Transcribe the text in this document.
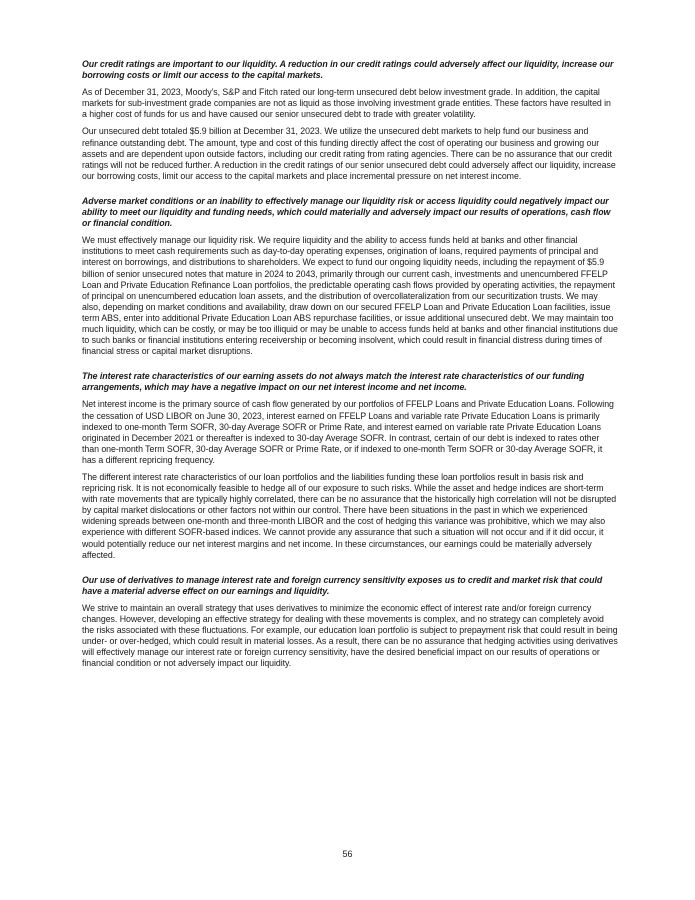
Our credit ratings are important to our liquidity. A reduction in our credit ratings could adversely affect our liquidity, increase our borrowing costs or limit our access to the capital markets.
As of December 31, 2023, Moody’s, S&P and Fitch rated our long-term unsecured debt below investment grade. In addition, the capital markets for sub-investment grade companies are not as liquid as those involving investment grade entities. These factors have resulted in a higher cost of funds for us and have caused our senior unsecured debt to trade with greater volatility.
Our unsecured debt totaled $5.9 billion at December 31, 2023. We utilize the unsecured debt markets to help fund our business and refinance outstanding debt. The amount, type and cost of this funding directly affect the cost of operating our business and growing our assets and are dependent upon outside factors, including our credit rating from rating agencies. There can be no assurance that our credit ratings will not be reduced further. A reduction in the credit ratings of our senior unsecured debt could adversely affect our liquidity, increase our borrowing costs, limit our access to the capital markets and place incremental pressure on net interest income.
Adverse market conditions or an inability to effectively manage our liquidity risk or access liquidity could negatively impact our ability to meet our liquidity and funding needs, which could materially and adversely impact our results of operations, cash flow or financial condition.
We must effectively manage our liquidity risk. We require liquidity and the ability to access funds held at banks and other financial institutions to meet cash requirements such as day-to-day operating expenses, origination of loans, required payments of principal and interest on borrowings, and distributions to shareholders. We expect to fund our ongoing liquidity needs, including the repayment of $5.9 billion of senior unsecured notes that mature in 2024 to 2043, primarily through our current cash, investments and unencumbered FFELP Loan and Private Education Refinance Loan portfolios, the predictable operating cash flows provided by operating activities, the repayment of principal on unencumbered education loan assets, and the distribution of overcollateralization from our securitization trusts. We may also, depending on market conditions and availability, draw down on our secured FFELP Loan and Private Education Loan facilities, issue term ABS, enter into additional Private Education Loan ABS repurchase facilities, or issue additional unsecured debt. We may maintain too much liquidity, which can be costly, or may be too illiquid or may be unable to access funds held at banks and other financial institutions due to such banks or financial institutions entering receivership or becoming insolvent, which could result in financial distress during times of financial stress or capital market disruptions.
The interest rate characteristics of our earning assets do not always match the interest rate characteristics of our funding arrangements, which may have a negative impact on our net interest income and net income.
Net interest income is the primary source of cash flow generated by our portfolios of FFELP Loans and Private Education Loans. Following the cessation of USD LIBOR on June 30, 2023, interest earned on FFELP Loans and variable rate Private Education Loans is primarily indexed to one-month Term SOFR, 30-day Average SOFR or Prime Rate, and interest earned on variable rate Private Education Loans originated in December 2021 or thereafter is indexed to 30-day Average SOFR. In contrast, certain of our debt is indexed to rates other than one-month Term SOFR, 30-day Average SOFR or Prime Rate, or if indexed to one-month Term SOFR or 30-day Average SOFR, it has a different repricing frequency.
The different interest rate characteristics of our loan portfolios and the liabilities funding these loan portfolios result in basis risk and repricing risk. It is not economically feasible to hedge all of our exposure to such risks. While the asset and hedge indices are short-term with rate movements that are typically highly correlated, there can be no assurance that the historically high correlation will not be disrupted by capital market dislocations or other factors not within our control. There have been situations in the past in which we experienced widening spreads between one-month and three-month LIBOR and the cost of hedging this variance was prohibitive, which we may also experience with different SOFR-based indices. We cannot provide any assurance that such a situation will not occur and if it did occur, it would potentially reduce our net interest margins and net income. In these circumstances, our earnings could be materially adversely affected.
Our use of derivatives to manage interest rate and foreign currency sensitivity exposes us to credit and market risk that could have a material adverse effect on our earnings and liquidity.
We strive to maintain an overall strategy that uses derivatives to minimize the economic effect of interest rate and/or foreign currency changes. However, developing an effective strategy for dealing with these movements is complex, and no strategy can completely avoid the risks associated with these fluctuations. For example, our education loan portfolio is subject to prepayment risk that could result in being under- or over-hedged, which could result in material losses. As a result, there can be no assurance that hedging activities using derivatives will effectively manage our interest rate or foreign currency sensitivity, have the desired beneficial impact on our results of operations or financial condition or not adversely impact our liquidity.
56
